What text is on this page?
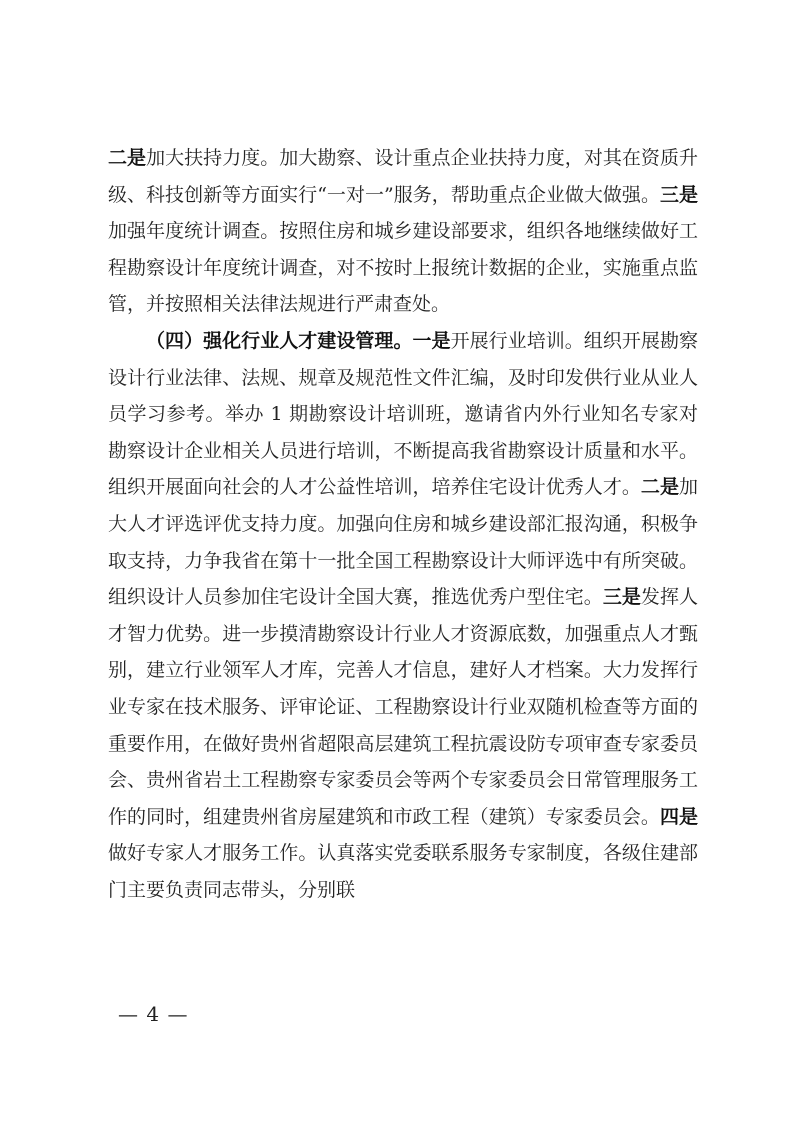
二是加大扶持力度。加大勘察、设计重点企业扶持力度，对其在资质升级、科技创新等方面实行“一对一”服务，帮助重点企业做大做强。三是加强年度统计调查。按照住房和城乡建设部要求，组织各地继续做好工程勘察设计年度统计调查，对不按时上报统计数据的企业，实施重点监管，并按照相关法律法规进行严肃查处。

（四）强化行业人才建设管理。一是开展行业培训。组织开展勘察设计行业法律、法规、规章及规范性文件汇编，及时印发供行业从业人员学习参考。举办 1 期勘察设计培训班，邀请省内外行业知名专家对勘察设计企业相关人员进行培训，不断提高我省勘察设计质量和水平。组织开展面向社会的人才公益性培训，培养住宅设计优秀人才。二是加大人才评选评优支持力度。加强向住房和城乡建设部汇报沟通，积极争取支持，力争我省在第十一批全国工程勘察设计大师评选中有所突破。组织设计人员参加住宅设计全国大赛，推选优秀户型住宅。三是发挥人才智力优势。进一步摸清勘察设计行业人才资源底数，加强重点人才甄别，建立行业领军人才库，完善人才信息，建好人才档案。大力发挥行业专家在技术服务、评审论证、工程勘察设计行业双随机检查等方面的重要作用，在做好贵州省超限高层建筑工程抗震设防专项审查专家委员会、贵州省岩土工程勘察专家委员会等两个专家委员会日常管理服务工作的同时，组建贵州省房屋建筑和市政工程（建筑）专家委员会。四是做好专家人才服务工作。认真落实党委联系服务专家制度，各级住建部门主要负责同志带头，分别联

— 4 —
